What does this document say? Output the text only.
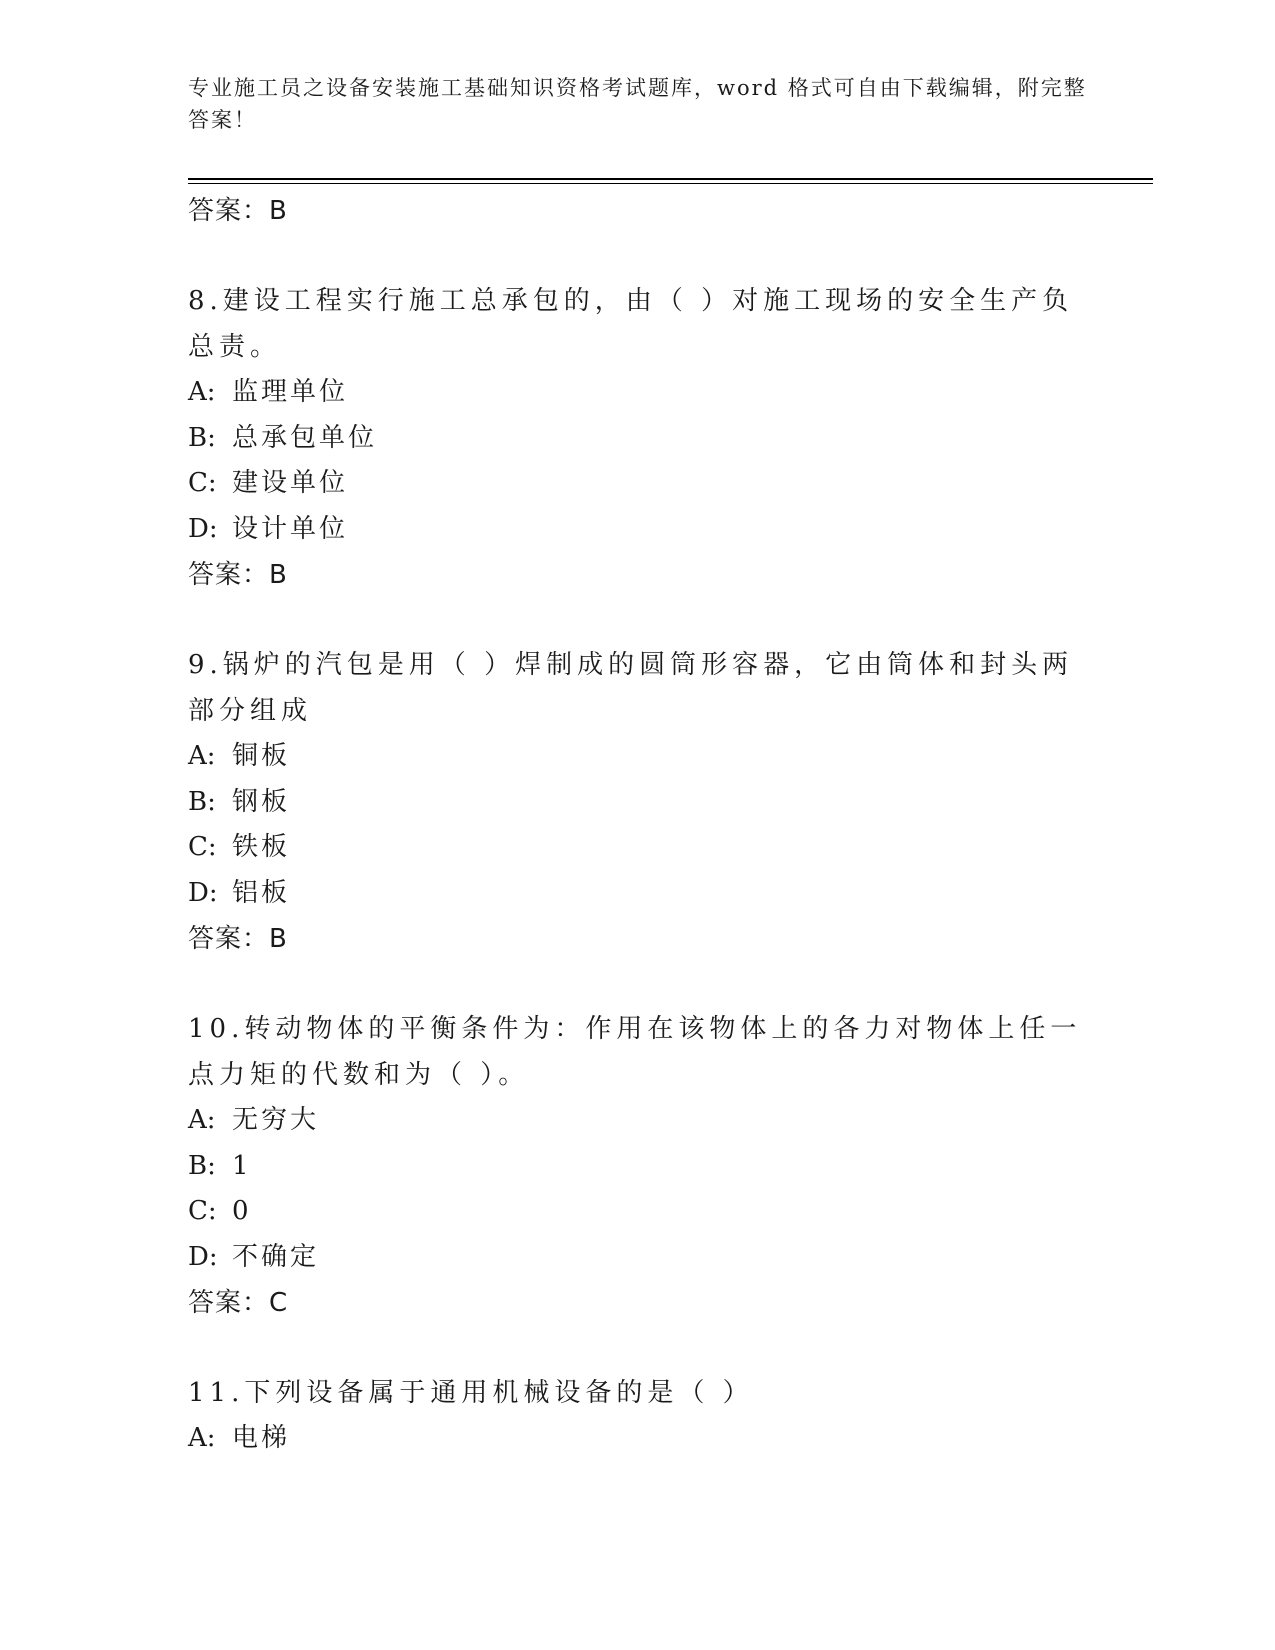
专业施工员之设备安装施工基础知识资格考试题库，word 格式可自由下载编辑，附完整答案！

答案：B

8.建设工程实行施工总承包的，由（ ）对施工现场的安全生产负总责。

A: 监理单位

B: 总承包单位

C: 建设单位

D: 设计单位

答案：B

9.锅炉的汽包是用（ ）焊制成的圆筒形容器，它由筒体和封头两部分组成

A: 铜板

B: 钢板

C: 铁板

D: 铝板

答案：B

10.转动物体的平衡条件为：作用在该物体上的各力对物体上任一点力矩的代数和为（ ）。

A: 无穷大

B: 1

C: 0

D: 不确定

答案：C

11.下列设备属于通用机械设备的是（ ）

A: 电梯
